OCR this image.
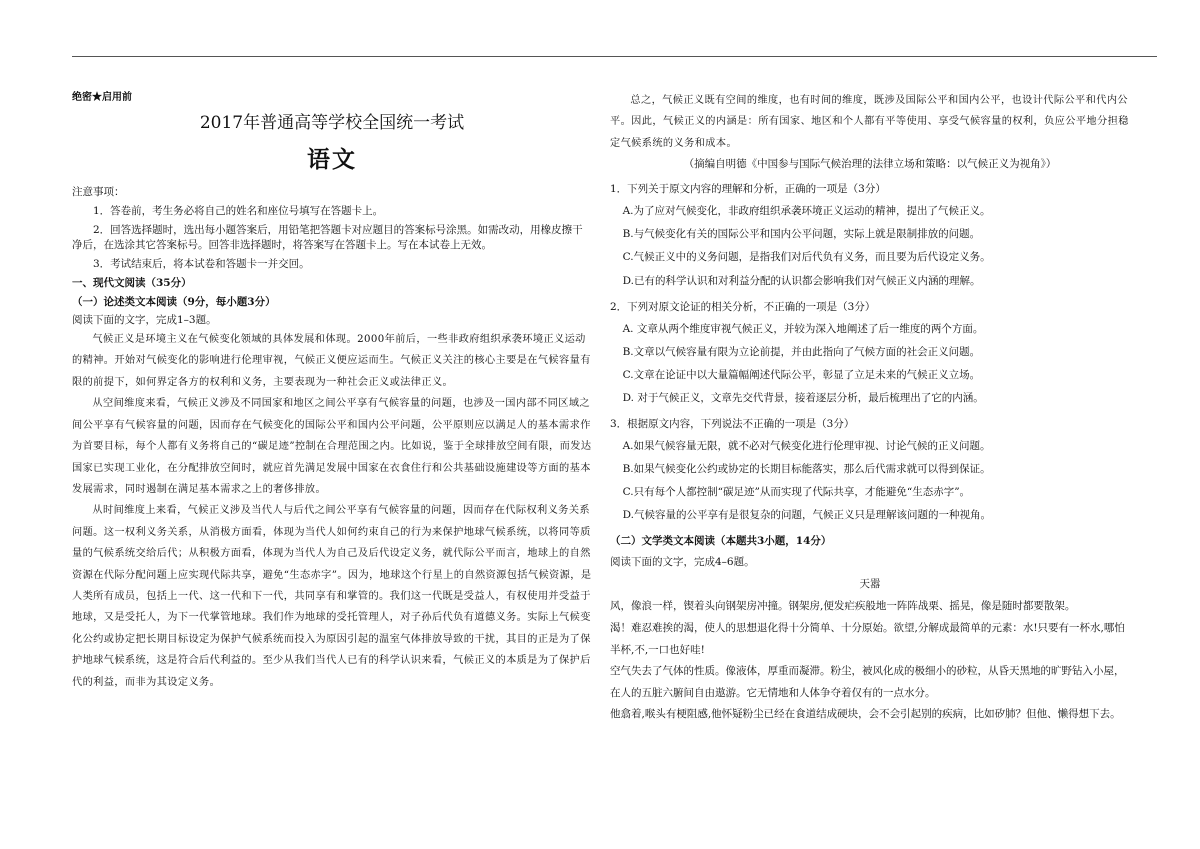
绝密★启用前

2017年普通高等学校全国统一考试

语文

注意事项：

1．答卷前，考生务必将自己的姓名和座位号填写在答题卡上。

2．回答选择题时，选出每小题答案后，用铅笔把答题卡对应题目的答案标号涂黑。如需改动，用橡皮擦干净后，在选涂其它答案标号。回答非选择题时，将答案写在答题卡上。写在本试卷上无效。

3．考试结束后，将本试卷和答题卡一并交回。

一、现代文阅读（35分）

（一）论述类文本阅读（9分，每小题3分）

阅读下面的文字，完成1–3题。

气候正义是环境主义在气候变化领域的具体发展和体现。2000年前后，一些非政府组织承袭环境正义运动的精神。开始对气候变化的影响进行伦理审视，气候正义便应运而生。气候正义关注的核心主要是在气候容量有限的前提下，如何界定各方的权利和义务，主要表现为一种社会正义或法律正义。

从空间维度来看，气候正义涉及不同国家和地区之间公平享有气候容量的问题，也涉及一国内部不同区域之间公平享有气候容量的问题，因而存在气候变化的国际公平和国内公平问题，公平原则应以满足人的基本需求作为首要目标，每个人都有义务将自己的“碳足迹”控制在合理范围之内。比如说，鉴于全球排放空间有限，而发达国家已实现工业化，在分配排放空间时，就应首先满足发展中国家在衣食住行和公共基础设施建设等方面的基本发展需求，同时遏制在满足基本需求之上的奢侈排放。

从时间维度上来看，气候正义涉及当代人与后代之间公平享有气候容量的问题，因而存在代际权利义务关系问题。这一权利义务关系，从消极方面看，体现为当代人如何约束自己的行为来保护地球气候系统，以将同等质量的气候系统交给后代；从积极方面看，体现为当代人为自己及后代设定义务，就代际公平而言，地球上的自然资源在代际分配问题上应实现代际共享，避免“生态赤字”。因为，地球这个行星上的自然资源包括气候资源，是人类所有成员，包括上一代、这一代和下一代，共同享有和掌管的。我们这一代既是受益人，有权使用并受益于地球，又是受托人，为下一代掌管地球。我们作为地球的受托管理人，对子孙后代负有道德义务。实际上气候变化公约或协定把长期目标设定为保护气候系统而投入为原因引起的温室气体排放导致的干扰，其目的正是为了保护地球气候系统，这是符合后代利益的。至少从我们当代人已有的科学认识来看，气候正义的本质是为了保护后代的利益，而非为其设定义务。

总之，气候正义既有空间的维度，也有时间的维度，既涉及国际公平和国内公平，也设计代际公平和代内公平。因此，气候正义的内涵是：所有国家、地区和个人都有平等使用、享受气候容量的权利，负应公平地分担稳定气候系统的义务和成本。

（摘编自明德《中国参与国际气候治理的法律立场和策略：以气候正义为视角》）

1．下列关于原文内容的理解和分析，正确的一项是（3分）

A.为了应对气候变化，非政府组织承袭环境正义运动的精神，提出了气候正义。

B.与气候变化有关的国际公平和国内公平问题，实际上就是限制排放的问题。

C.气候正义中的义务问题，是指我们对后代负有义务，而且要为后代设定义务。

D.已有的科学认识和对利益分配的认识都会影响我们对气候正义内涵的理解。

2．下列对原文论证的相关分析，不正确的一项是（3分）

A. 文章从两个维度审视气候正义，并较为深入地阐述了后一维度的两个方面。

B.文章以气候容量有限为立论前提，并由此指向了气候方面的社会正义问题。

C.文章在论证中以大量篇幅阐述代际公平，彰显了立足未来的气候正义立场。

D. 对于气候正义，文章先交代背景，接着逐层分析，最后梳理出了它的内涵。

3．根据原文内容，下列说法不正确的一项是（3分）

A.如果气候容量无限，就不必对气候变化进行伦理审视、讨论气候的正义问题。

B.如果气候变化公约或协定的长期目标能落实，那么后代需求就可以得到保证。

C.只有每个人都控制“碳足迹”从而实现了代际共享，才能避免“生态赤字”。

D.气候容量的公平享有是很复杂的问题，气候正义只是理解该问题的一种视角。

（二）文学类文本阅读（本题共3小题，14分）

阅读下面的文字，完成4–6题。

天嚣

风，像浪一样，锲着头向钢架房冲撞。钢架房,便发疟疾般地一阵阵战栗、摇晃，像是随时都要散架。

渴！难忍难挨的渴，使人的思想退化得十分简单、十分原始。欲望,分解成最简单的元素：水!只要有一杯水,哪怕半杯,不,一口也好哇!

空气失去了气体的性质。像液体，厚重而凝滞。粉尘，被风化成的极细小的砂粒，从昏天黑地的旷野钻入小屋，在人的五脏六腑间自由遨游。它无情地和人体争夺着仅有的一点水分。

他翕着,喉头有梗阻感,他怀疑粉尘已经在食道结成硬块，会不会引起别的疾病，比如矽肺？但他、懒得想下去。
